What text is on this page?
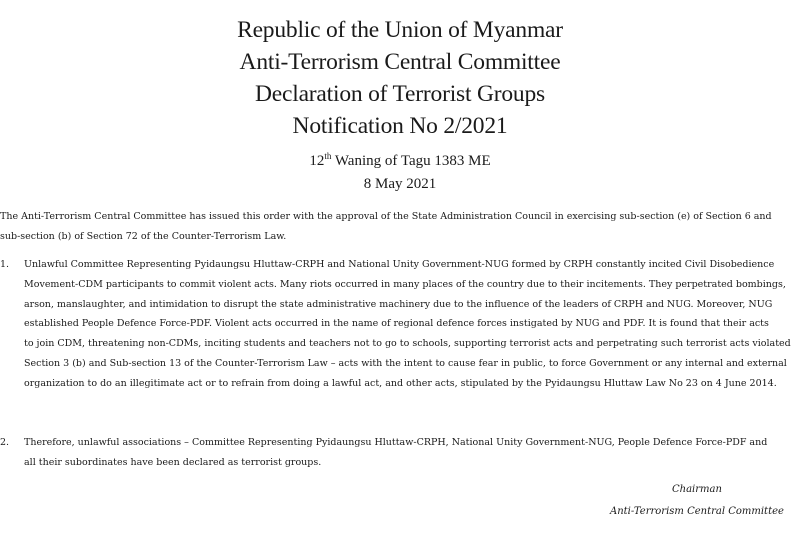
Republic of the Union of Myanmar
Anti-Terrorism Central Committee
Declaration of Terrorist Groups
Notification No 2/2021
12th Waning of Tagu 1383 ME
8 May 2021
The Anti-Terrorism Central Committee has issued this order with the approval of the State Administration Council in exercising sub-section (e) of Section 6 and
sub-section (b) of Section 72 of the Counter-Terrorism Law.
1. Unlawful Committee Representing Pyidaungsu Hluttaw-CRPH and National Unity Government-NUG formed by CRPH constantly incited Civil Disobedience
Movement-CDM participants to commit violent acts. Many riots occurred in many places of the country due to their incitements. They perpetrated bombings,
arson, manslaughter, and intimidation to disrupt the state administrative machinery due to the influence of the leaders of CRPH and NUG. Moreover, NUG
established People Defence Force-PDF. Violent acts occurred in the name of regional defence forces instigated by NUG and PDF. It is found that their acts
to join CDM, threatening non-CDMs, inciting students and teachers not to go to schools, supporting terrorist acts and perpetrating such terrorist acts violated
Section 3 (b) and Sub-section 13 of the Counter-Terrorism Law – acts with the intent to cause fear in public, to force Government or any internal and external
organization to do an illegitimate act or to refrain from doing a lawful act, and other acts, stipulated by the Pyidaungsu Hluttaw Law No 23 on 4 June 2014.
2. Therefore, unlawful associations – Committee Representing Pyidaungsu Hluttaw-CRPH, National Unity Government-NUG, People Defence Force-PDF and
all their subordinates have been declared as terrorist groups.
Chairman
Anti-Terrorism Central Committee
